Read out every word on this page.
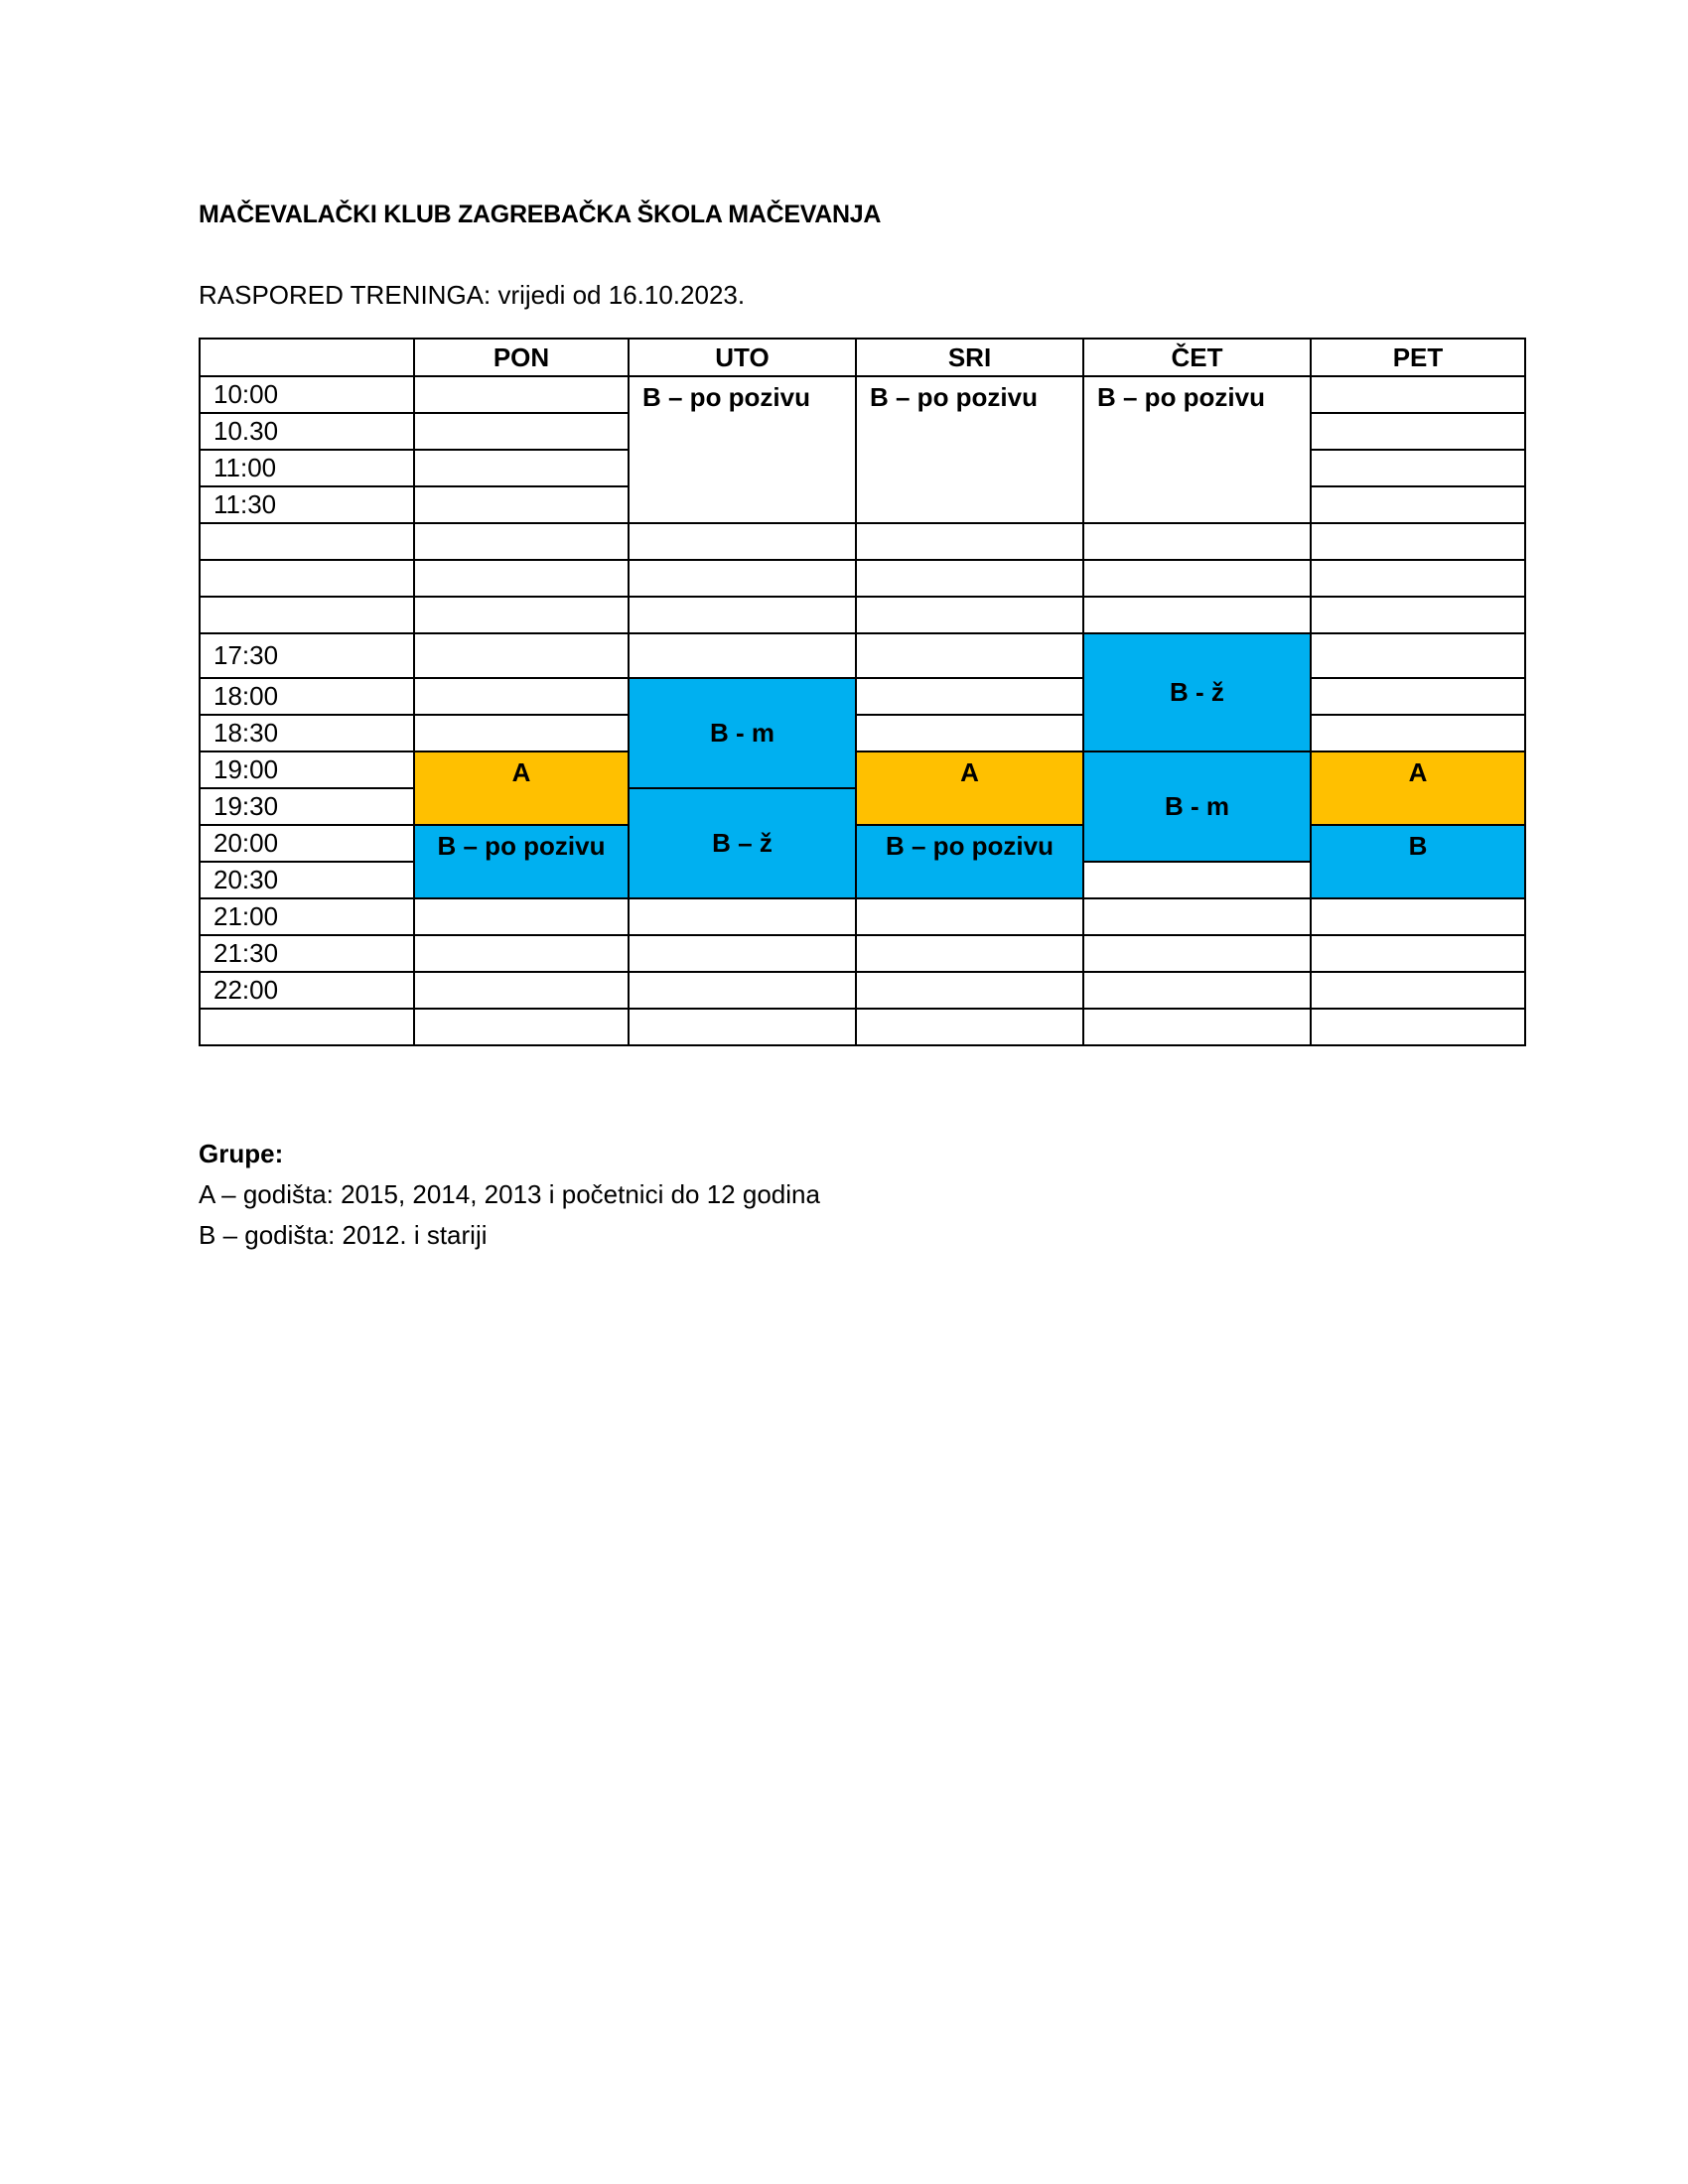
MAČEVALAČKI KLUB ZAGREBAČKA ŠKOLA MAČEVANJA
RASPORED TRENINGA: vrijedi od 16.10.2023.
	PON	UTO	SRI	ČET	PET
10:00		B – po pozivu	B – po pozivu	B – po pozivu	
10.30					
11:00					
11:30					

17:30				B - ž	
18:00		B - m			
18:30					
19:00	A		A	B - m	A
19:30		B – ž			
20:00	B – po pozivu		B – po pozivu		B
20:30					
21:00					
21:30					
22:00					

Grupe:
A – godišta: 2015, 2014, 2013 i početnici do 12 godina
B – godišta: 2012. i stariji
